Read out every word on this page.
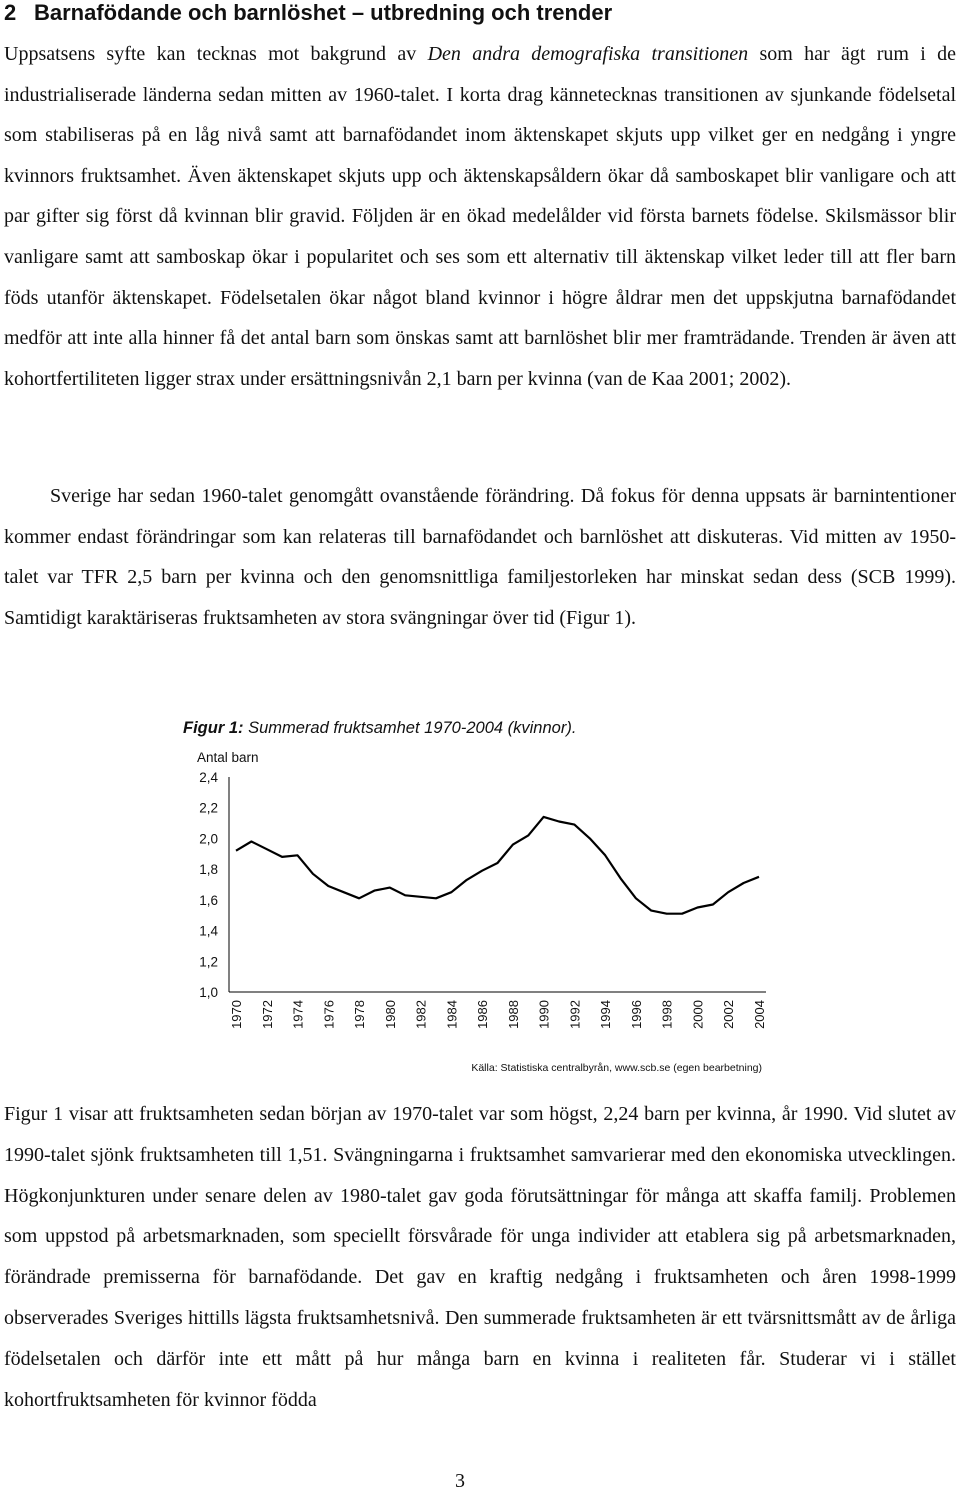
2 Barnafödande och barnlöshet – utbredning och trender

Uppsatsens syfte kan tecknas mot bakgrund av Den andra demografiska transitionen som har ägt rum i de industrialiserade länderna sedan mitten av 1960-talet. I korta drag kännetecknas transitionen av sjunkande födelsetal som stabiliseras på en låg nivå samt att barnafödandet inom äktenskapet skjuts upp vilket ger en nedgång i yngre kvinnors fruktsamhet. Även äktenskapet skjuts upp och äktenskapsåldern ökar då samboskapet blir vanligare och att par gifter sig först då kvinnan blir gravid. Följden är en ökad medelålder vid första barnets födelse. Skilsmässor blir vanligare samt att samboskap ökar i popularitet och ses som ett alternativ till äktenskap vilket leder till att fler barn föds utanför äktenskapet. Födelsetalen ökar något bland kvinnor i högre åldrar men det uppskjutna barnafödandet medför att inte alla hinner få det antal barn som önskas samt att barnlöshet blir mer framträdande. Trenden är även att kohortfertiliteten ligger strax under ersättningsnivån 2,1 barn per kvinna (van de Kaa 2001; 2002).

Sverige har sedan 1960-talet genomgått ovanstående förändring. Då fokus för denna uppsats är barnintentioner kommer endast förändringar som kan relateras till barnafödandet och barnlöshet att diskuteras. Vid mitten av 1950-talet var TFR 2,5 barn per kvinna och den genomsnittliga familjestorleken har minskat sedan dess (SCB 1999). Samtidigt karaktäriseras fruktsamheten av stora svängningar över tid (Figur 1).

Figur 1: Summerad fruktsamhet 1970-2004 (kvinnor).

Antal barn
2,4
2,2
2,0
1,8
1,6
1,4
1,2
1,0
1970 1972 1974 1976 1978 1980 1982 1984 1986 1988 1990 1992 1994 1996 1998 2000 2002 2004
Källa: Statistiska centralbyrån, www.scb.se (egen bearbetning)

Figur 1 visar att fruktsamheten sedan början av 1970-talet var som högst, 2,24 barn per kvinna, år 1990. Vid slutet av 1990-talet sjönk fruktsamheten till 1,51. Svängningarna i fruktsamhet samvarierar med den ekonomiska utvecklingen. Högkonjunkturen under senare delen av 1980-talet gav goda förutsättningar för många att skaffa familj. Problemen som uppstod på arbetsmarknaden, som speciellt försvårade för unga individer att etablera sig på arbetsmarknaden, förändrade premisserna för barnafödande. Det gav en kraftig nedgång i fruktsamheten och åren 1998-1999 observerades Sveriges hittills lägsta fruktsamhetsnivå. Den summerade fruktsamheten är ett tvärsnittsmått av de årliga födelsetalen och därför inte ett mått på hur många barn en kvinna i realiteten får. Studerar vi i stället kohortfruktsamheten för kvinnor födda

3
